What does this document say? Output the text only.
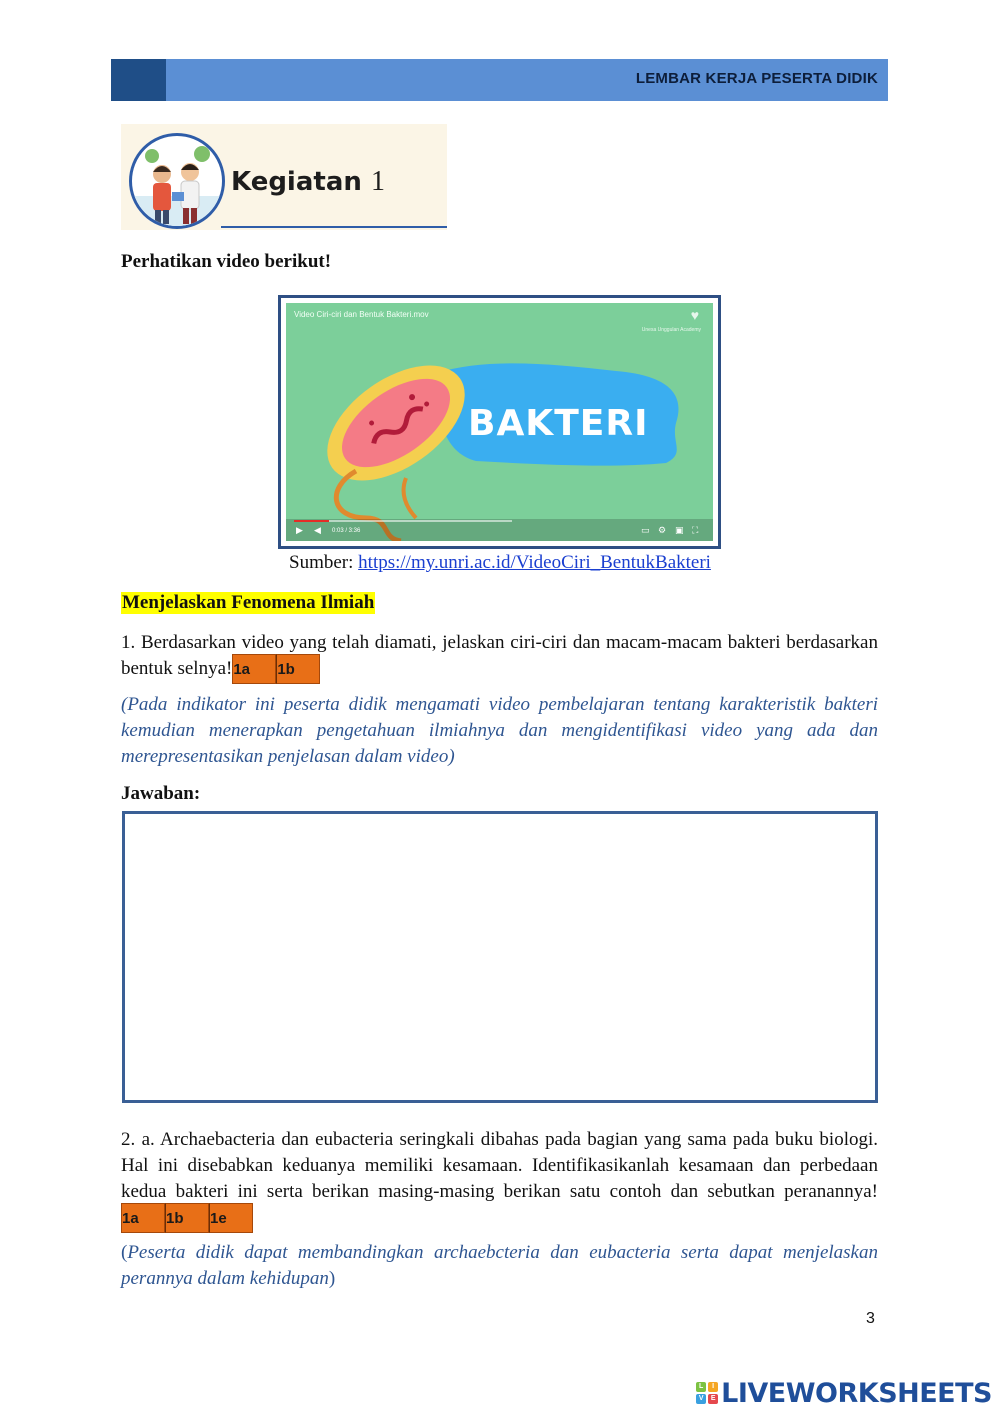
LEMBAR KERJA PESERTA DIDIK
Kegiatan 1
Perhatikan video berikut!
Video Ciri-ciri dan Bentuk Bakteri.mov	♥
Unesa Unggulan Academy
BAKTERI
▶ ◀ 0:03 / 3:36	▭ ⚙ ▣ ⛶
Sumber: https://my.unri.ac.id/VideoCiri_BentukBakteri
Menjelaskan Fenomena Ilmiah
1. Berdasarkan video yang telah diamati, jelaskan ciri-ciri dan macam-macam bakteri berdasarkan bentuk selnya! 1a	1b
(Pada indikator ini peserta didik mengamati video pembelajaran tentang karakteristik bakteri kemudian menerapkan pengetahuan ilmiahnya dan mengidentifikasi video yang ada dan merepresentasikan penjelasan dalam video)
Jawaban:
2. a. Archaebacteria dan eubacteria seringkali dibahas pada bagian yang sama pada buku biologi. Hal ini disebabkan keduanya memiliki kesamaan. Identifikasikanlah kesamaan dan perbedaan kedua bakteri ini serta berikan masing-masing berikan satu contoh dan sebutkan peranannya!
1a	1b	1e
(Peserta didik dapat membandingkan archaebcteria dan eubacteria serta dapat menjelaskan perannya dalam kehidupan)
3
L	I
V	E LIVEWORKSHEETS
